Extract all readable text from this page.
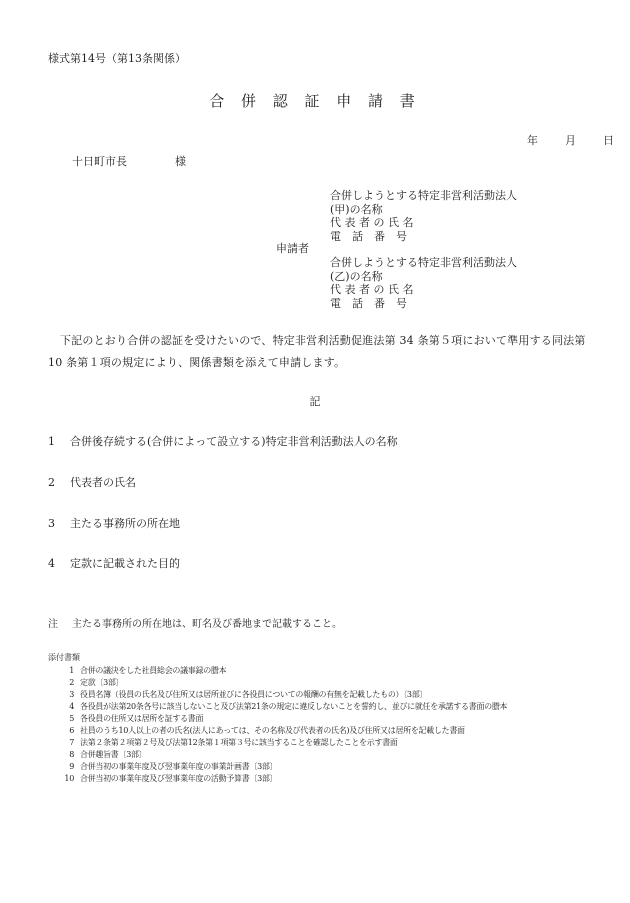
様式第14号（第13条関係）
合 併 認 証 申 請 書
年	月	日
十日町市長	様
申請者
合併しようとする特定非営利活動法人
(甲)の名称
代 表 者 の 氏 名
電　話　番　号
合併しようとする特定非営利活動法人
(乙)の名称
代 表 者 の 氏 名
電　話　番　号
下記のとおり合併の認証を受けたいので、特定非営利活動促進法第 34 条第５項において準用する同法第 10 条第１項の規定により、関係書類を添えて申請します。
記
1 合併後存続する(合併によって設立する)特定非営利活動法人の名称
2 代表者の氏名
3 主たる事務所の所在地
4 定款に記載された目的
注 主たる事務所の所在地は、町名及び番地まで記載すること。
添付書類
1 合併の議決をした社員総会の議事録の謄本
2 定款〔3部〕
3 役員名簿（役員の氏名及び住所又は居所並びに各役員についての報酬の有無を記載したもの）〔3部〕
4 各役員が法第20条各号に該当しないこと及び法第21条の規定に違反しないことを誓約し、並びに就任を承諾する書面の謄本
5 各役員の住所又は居所を証する書面
6 社員のうち10人以上の者の氏名(法人にあっては、その名称及び代表者の氏名)及び住所又は居所を記載した書面
7 法第２条第２項第２号及び法第12条第１項第３号に該当することを確認したことを示す書面
8 合併趣旨書〔3部〕
9 合併当初の事業年度及び翌事業年度の事業計画書〔3部〕
10 合併当初の事業年度及び翌事業年度の活動予算書〔3部〕
